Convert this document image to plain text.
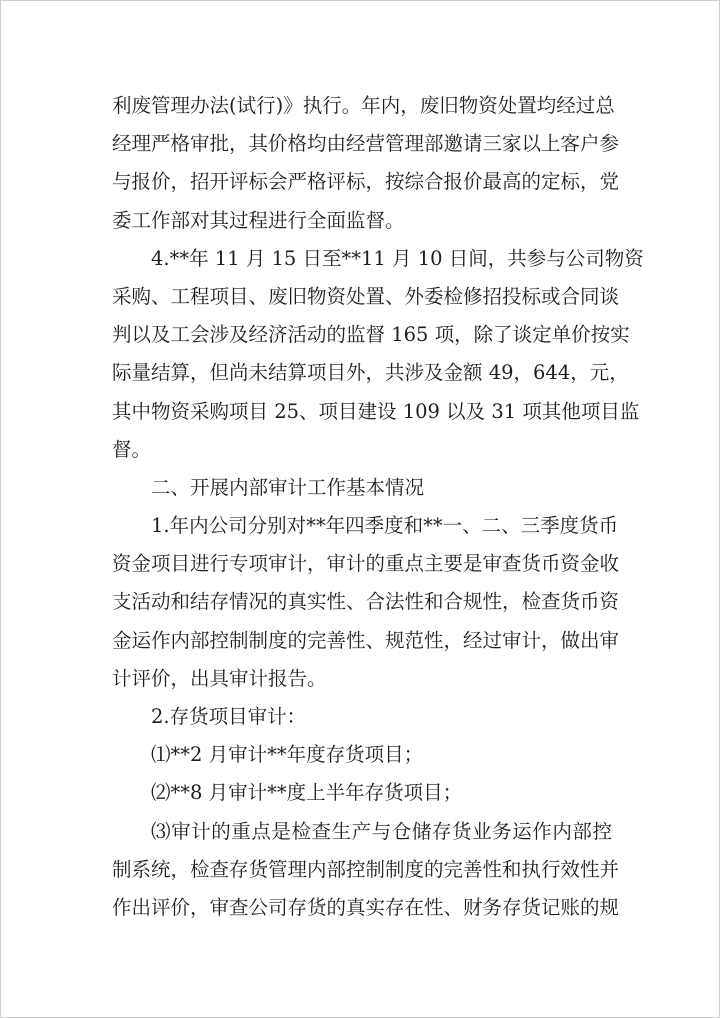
利废管理办法(试行)》执行。年内，废旧物资处置均经过总
经理严格审批，其价格均由经营管理部邀请三家以上客户参
与报价，招开评标会严格评标，按综合报价最高的定标，党
委工作部对其过程进行全面监督。
4.**年 11 月 15 日至**11 月 10 日间，共参与公司物资
采购、工程项目、废旧物资处置、外委检修招投标或合同谈
判以及工会涉及经济活动的监督 165 项，除了谈定单价按实
际量结算，但尚未结算项目外，共涉及金额 49，644，元，
其中物资采购项目 25、项目建设 109 以及 31 项其他项目监
督。
二、开展内部审计工作基本情况
1.年内公司分别对**年四季度和**一、二、三季度货币
资金项目进行专项审计，审计的重点主要是审查货币资金收
支活动和结存情况的真实性、合法性和合规性，检查货币资
金运作内部控制制度的完善性、规范性，经过审计，做出审
计评价，出具审计报告。
2.存货项目审计：
⑴**2 月审计**年度存货项目；
⑵**8 月审计**度上半年存货项目；
⑶审计的重点是检查生产与仓储存货业务运作内部控
制系统，检查存货管理内部控制制度的完善性和执行效性并
作出评价，审查公司存货的真实存在性、财务存货记账的规
